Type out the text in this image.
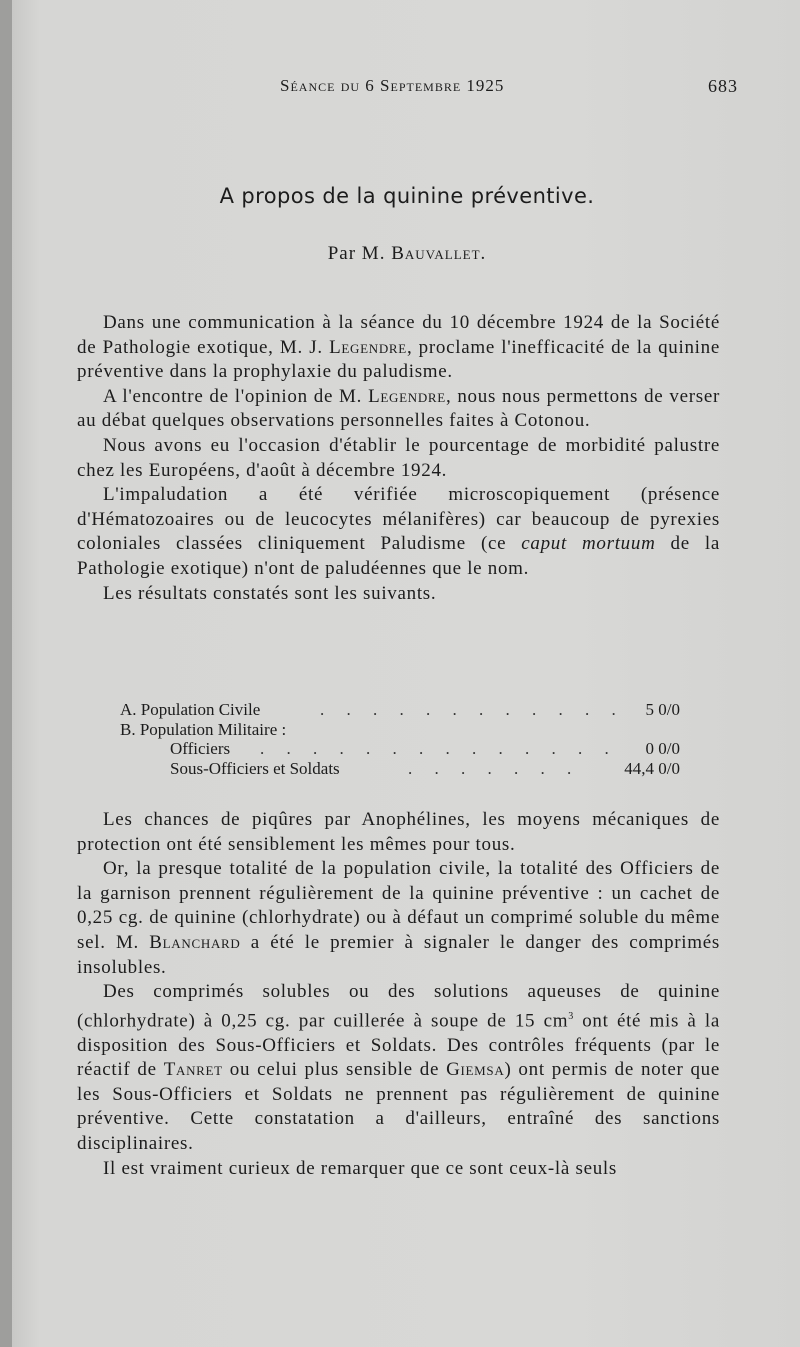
Séance du 6 Septembre 1925	683
A propos de la quinine préventive.
Par M. Bauvallet.

Dans une communication à la séance du 10 décembre 1924 de la Société de Pathologie exotique, M. J. Legendre, proclame l'inefficacité de la quinine préventive dans la prophylaxie du paludisme.

A l'encontre de l'opinion de M. Legendre, nous nous permettons de verser au débat quelques observations personnelles faites à Cotonou.

Nous avons eu l'occasion d'établir le pourcentage de morbidité palustre chez les Européens, d'août à décembre 1924.

L'impaludation a été vérifiée microscopiquement (présence d'Hématozoaires ou de leucocytes mélanifères) car beaucoup de pyrexies coloniales classées cliniquement Paludisme (ce caput mortuum de la Pathologie exotique) n'ont de paludéennes que le nom.

Les résultats constatés sont les suivants.

A. Population Civile	. . . . . . . . . . . . 5 0/0
B. Population Militaire :
Officiers . . . . . . . . . . . . . . 0 0/0
Sous-Officiers et Soldats	. . . . . . .	44,4 0/0

Les chances de piqûres par Anophélines, les moyens mécaniques de protection ont été sensiblement les mêmes pour tous.

Or, la presque totalité de la population civile, la totalité des Officiers de la garnison prennent régulièrement de la quinine préventive : un cachet de 0,25 cg. de quinine (chlorhydrate) ou à défaut un comprimé soluble du même sel. M. Blanchard a été le premier à signaler le danger des comprimés insolubles.

Des comprimés solubles ou des solutions aqueuses de quinine (chlorhydrate) à 0,25 cg. par cuillerée à soupe de 15 $cm^3$ ont été mis à la disposition des Sous-Officiers et Soldats. Des contrôles fréquents (par le réactif de Tanret ou celui plus sensible de Giemsa) ont permis de noter que les Sous-Officiers et Soldats ne prennent pas régulièrement de quinine préventive. Cette constatation a d'ailleurs, entraîné des sanctions disciplinaires.

Il est vraiment curieux de remarquer que ce sont ceux-là seuls
